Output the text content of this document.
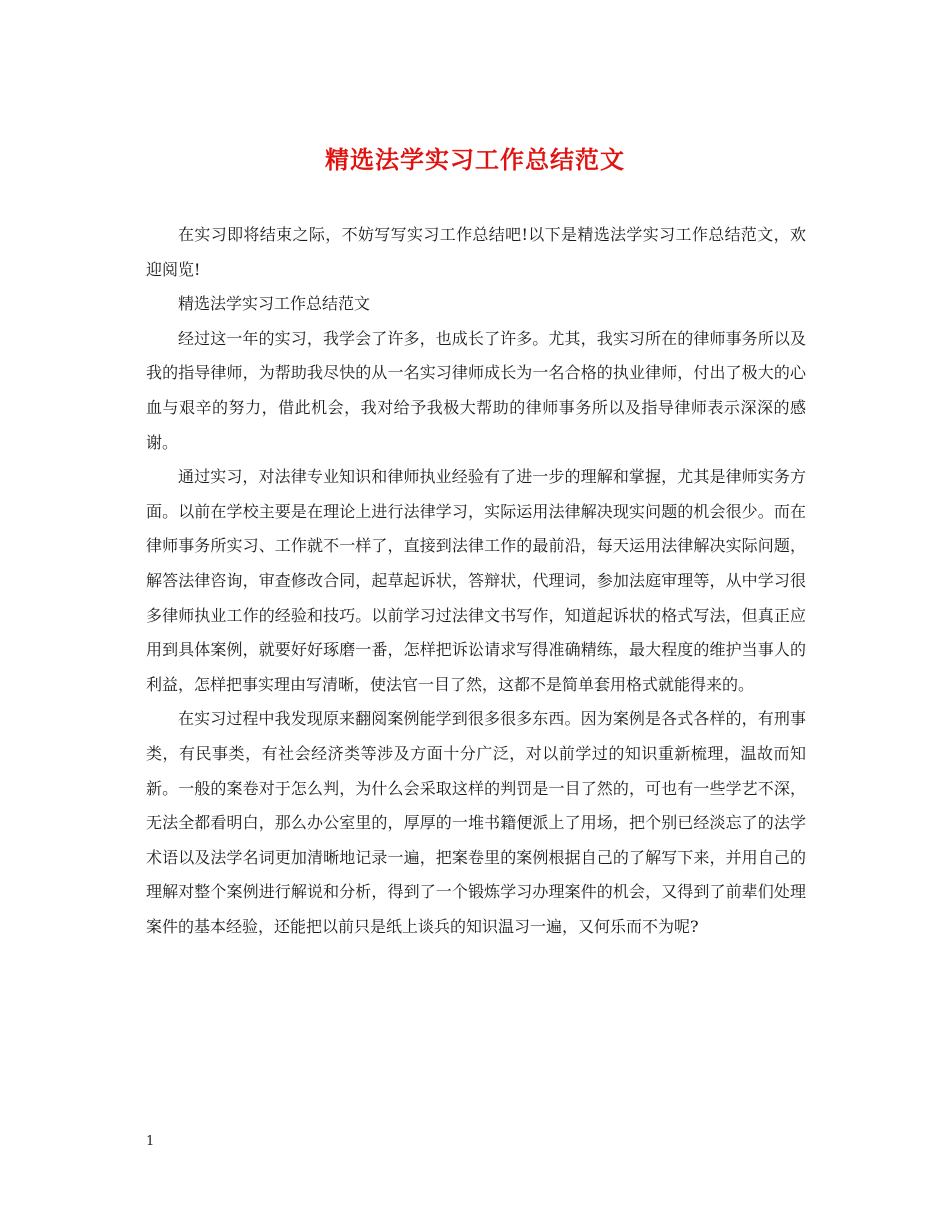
精选法学实习工作总结范文

在实习即将结束之际，不妨写写实习工作总结吧!以下是精选法学实习工作总结范文，欢迎阅览!

精选法学实习工作总结范文

经过这一年的实习，我学会了许多，也成长了许多。尤其，我实习所在的律师事务所以及我的指导律师，为帮助我尽快的从一名实习律师成长为一名合格的执业律师，付出了极大的心血与艰辛的努力，借此机会，我对给予我极大帮助的律师事务所以及指导律师表示深深的感谢。

通过实习，对法律专业知识和律师执业经验有了进一步的理解和掌握，尤其是律师实务方面。以前在学校主要是在理论上进行法律学习，实际运用法律解决现实问题的机会很少。而在律师事务所实习、工作就不一样了，直接到法律工作的最前沿，每天运用法律解决实际问题，解答法律咨询，审查修改合同，起草起诉状，答辩状，代理词，参加法庭审理等，从中学习很多律师执业工作的经验和技巧。以前学习过法律文书写作，知道起诉状的格式写法，但真正应用到具体案例，就要好好琢磨一番，怎样把诉讼请求写得准确精练，最大程度的维护当事人的利益，怎样把事实理由写清晰，使法官一目了然，这都不是简单套用格式就能得来的。

在实习过程中我发现原来翻阅案例能学到很多很多东西。因为案例是各式各样的，有刑事类，有民事类，有社会经济类等涉及方面十分广泛，对以前学过的知识重新梳理，温故而知新。一般的案卷对于怎么判，为什么会采取这样的判罚是一目了然的，可也有一些学艺不深，无法全都看明白，那么办公室里的，厚厚的一堆书籍便派上了用场，把个别已经淡忘了的法学术语以及法学名词更加清晰地记录一遍，把案卷里的案例根据自己的了解写下来，并用自己的理解对整个案例进行解说和分析，得到了一个锻炼学习办理案件的机会，又得到了前辈们处理案件的基本经验，还能把以前只是纸上谈兵的知识温习一遍，又何乐而不为呢?

1
